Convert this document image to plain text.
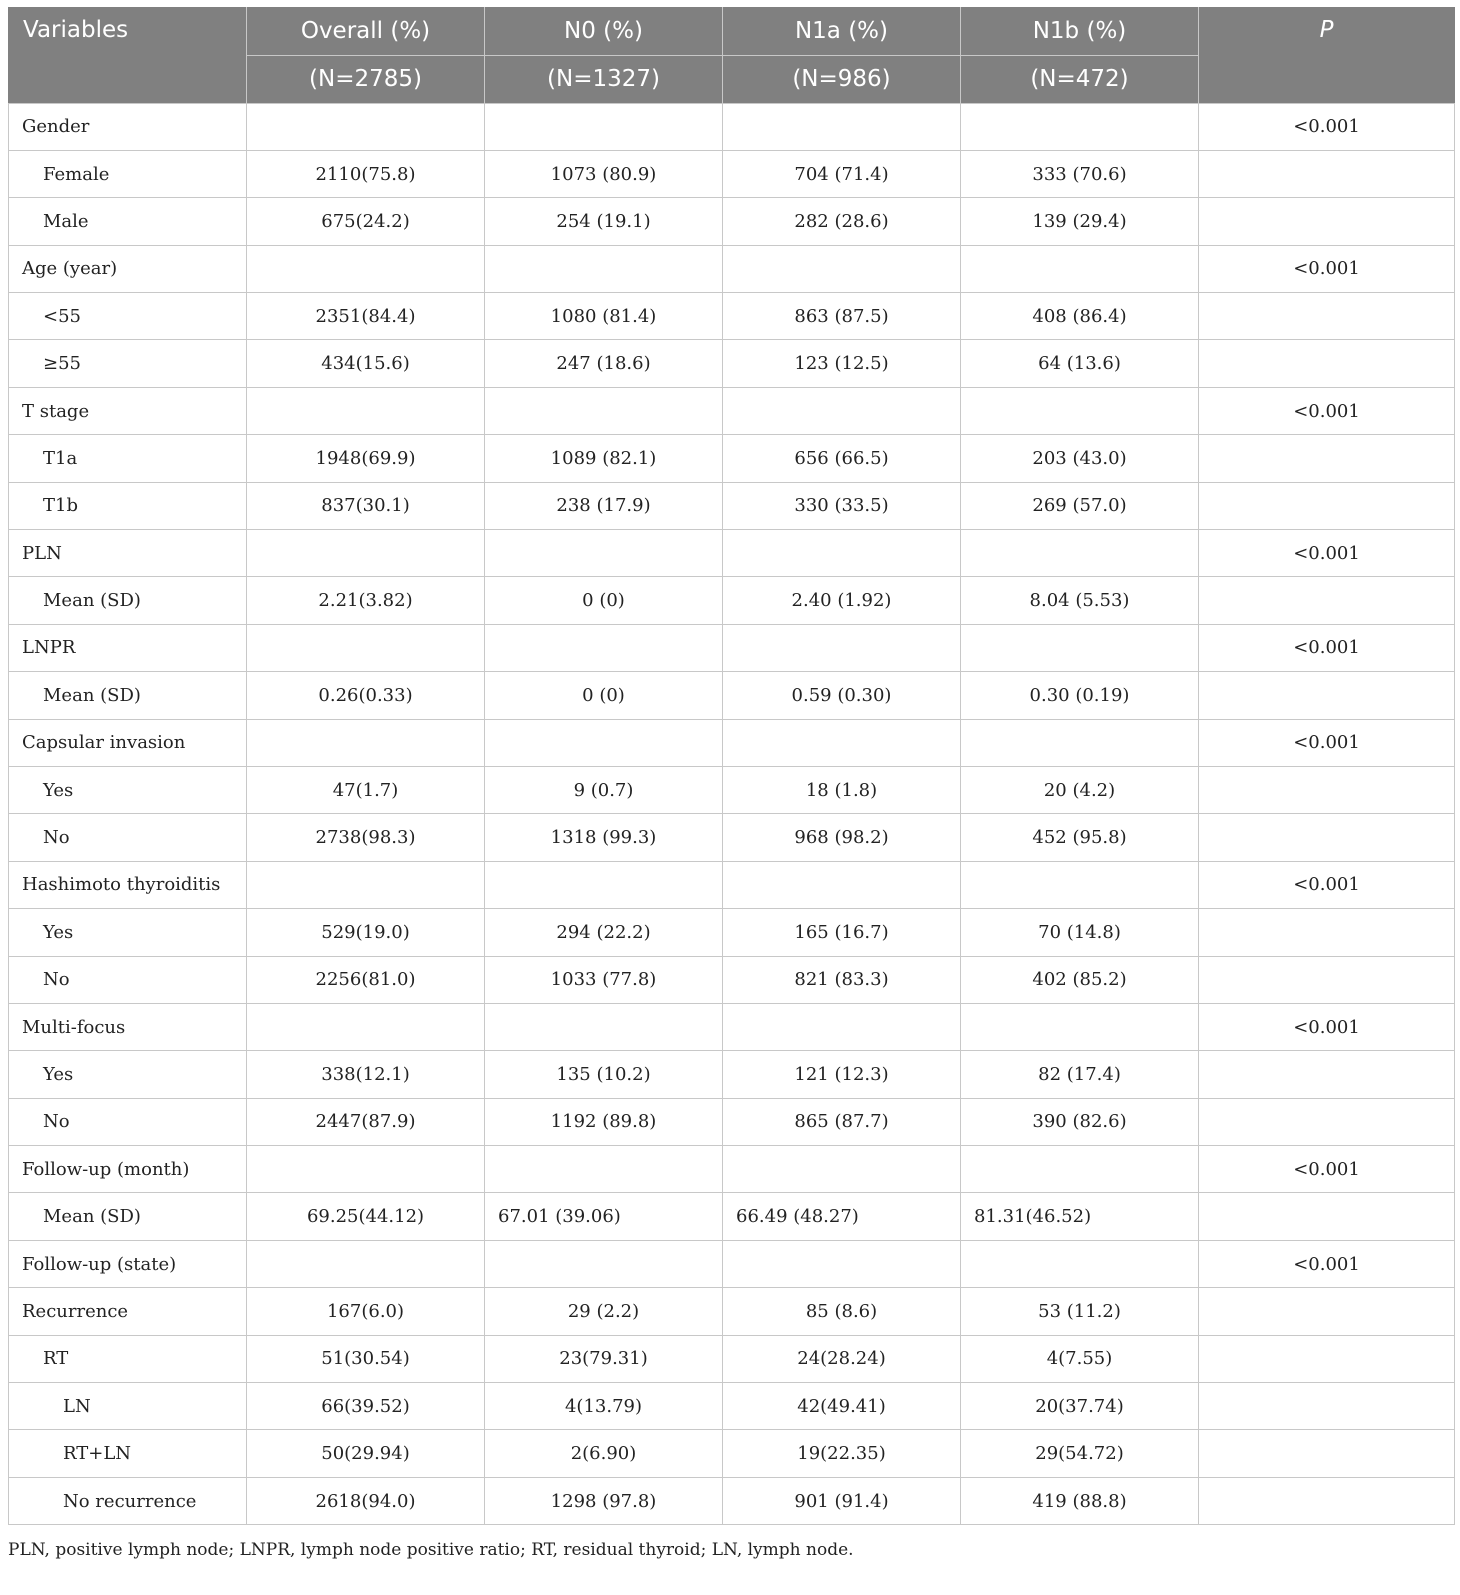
Variables	Overall (%)	N0 (%)	N1a (%)	N1b (%)	P
	(N=2785)	(N=1327)	(N=986)	(N=472)	
Gender					<0.001
Female	2110(75.8)	1073 (80.9)	704 (71.4)	333 (70.6)	
Male	675(24.2)	254 (19.1)	282 (28.6)	139 (29.4)	
Age (year)					<0.001
<55	2351(84.4)	1080 (81.4)	863 (87.5)	408 (86.4)	
≥55	434(15.6)	247 (18.6)	123 (12.5)	64 (13.6)	
T stage					<0.001
T1a	1948(69.9)	1089 (82.1)	656 (66.5)	203 (43.0)	
T1b	837(30.1)	238 (17.9)	330 (33.5)	269 (57.0)	
PLN					<0.001
Mean (SD)	2.21(3.82)	0 (0)	2.40 (1.92)	8.04 (5.53)	
LNPR					<0.001
Mean (SD)	0.26(0.33)	0 (0)	0.59 (0.30)	0.30 (0.19)	
Capsular invasion					<0.001
Yes	47(1.7)	9 (0.7)	18 (1.8)	20 (4.2)	
No	2738(98.3)	1318 (99.3)	968 (98.2)	452 (95.8)	
Hashimoto thyroiditis					<0.001
Yes	529(19.0)	294 (22.2)	165 (16.7)	70 (14.8)	
No	2256(81.0)	1033 (77.8)	821 (83.3)	402 (85.2)	
Multi-focus					<0.001
Yes	338(12.1)	135 (10.2)	121 (12.3)	82 (17.4)	
No	2447(87.9)	1192 (89.8)	865 (87.7)	390 (82.6)	
Follow-up (month)					<0.001
Mean (SD)	69.25(44.12)	67.01 (39.06)	66.49 (48.27)	81.31(46.52)	
Follow-up (state)					<0.001
Recurrence	167(6.0)	29 (2.2)	85 (8.6)	53 (11.2)	
RT	51(30.54)	23(79.31)	24(28.24)	4(7.55)	
LN	66(39.52)	4(13.79)	42(49.41)	20(37.74)	
RT+LN	50(29.94)	2(6.90)	19(22.35)	29(54.72)	
No recurrence	2618(94.0)	1298 (97.8)	901 (91.4)	419 (88.8)	
PLN, positive lymph node; LNPR, lymph node positive ratio; RT, residual thyroid; LN, lymph node.
